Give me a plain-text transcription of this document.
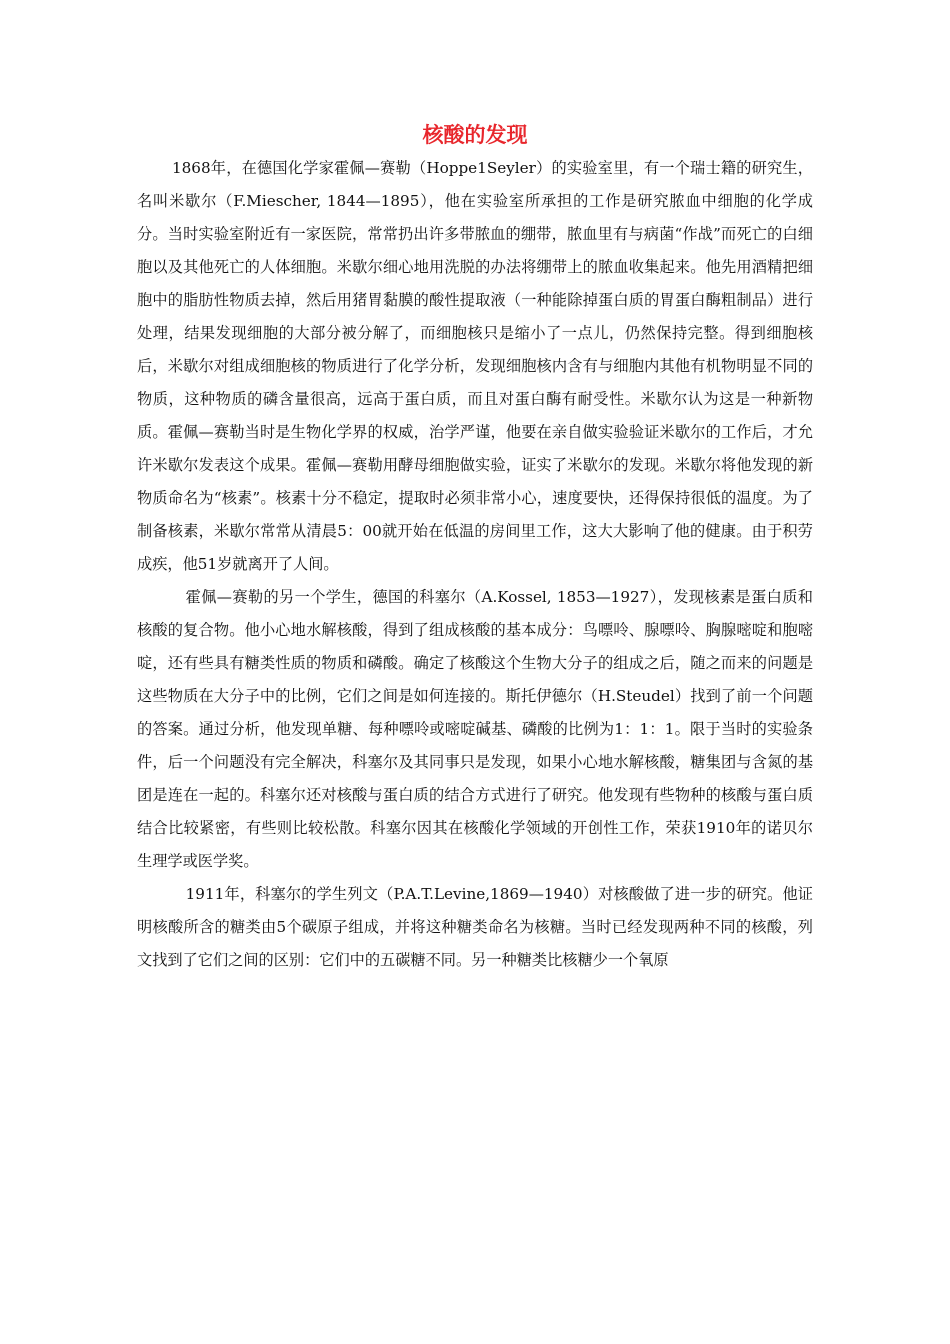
核酸的发现

1868年，在德国化学家霍佩—赛勒（Hoppe1Seyler）的实验室里，有一个瑞士籍的研究生，名叫米歇尔（F.Miescher, 1844—1895），他在实验室所承担的工作是研究脓血中细胞的化学成分。当时实验室附近有一家医院，常常扔出许多带脓血的绷带，脓血里有与病菌“作战”而死亡的白细胞以及其他死亡的人体细胞。米歇尔细心地用洗脱的办法将绷带上的脓血收集起来。他先用酒精把细胞中的脂肪性物质去掉，然后用猪胃黏膜的酸性提取液（一种能除掉蛋白质的胃蛋白酶粗制品）进行处理，结果发现细胞的大部分被分解了，而细胞核只是缩小了一点儿，仍然保持完整。得到细胞核后，米歇尔对组成细胞核的物质进行了化学分析，发现细胞核内含有与细胞内其他有机物明显不同的物质，这种物质的磷含量很高，远高于蛋白质，而且对蛋白酶有耐受性。米歇尔认为这是一种新物质。霍佩—赛勒当时是生物化学界的权威，治学严谨，他要在亲自做实验验证米歇尔的工作后，才允许米歇尔发表这个成果。霍佩—赛勒用酵母细胞做实验，证实了米歇尔的发现。米歇尔将他发现的新物质命名为“核素”。核素十分不稳定，提取时必须非常小心，速度要快，还得保持很低的温度。为了制备核素，米歇尔常常从清晨5：00就开始在低温的房间里工作，这大大影响了他的健康。由于积劳成疾，他51岁就离开了人间。

霍佩—赛勒的另一个学生，德国的科塞尔（A.Kossel, 1853—1927），发现核素是蛋白质和核酸的复合物。他小心地水解核酸，得到了组成核酸的基本成分：鸟嘌呤、腺嘌呤、胸腺嘧啶和胞嘧啶，还有些具有糖类性质的物质和磷酸。确定了核酸这个生物大分子的组成之后，随之而来的问题是这些物质在大分子中的比例，它们之间是如何连接的。斯托伊德尔（H.Steudel）找到了前一个问题的答案。通过分析，他发现单糖、每种嘌呤或嘧啶碱基、磷酸的比例为1：1：1。限于当时的实验条件，后一个问题没有完全解决，科塞尔及其同事只是发现，如果小心地水解核酸，糖集团与含氮的基团是连在一起的。科塞尔还对核酸与蛋白质的结合方式进行了研究。他发现有些物种的核酸与蛋白质结合比较紧密，有些则比较松散。科塞尔因其在核酸化学领域的开创性工作，荣获1910年的诺贝尔生理学或医学奖。

1911年，科塞尔的学生列文（P.A.T.Levine,1869—1940）对核酸做了进一步的研究。他证明核酸所含的糖类由5个碳原子组成，并将这种糖类命名为核糖。当时已经发现两种不同的核酸，列文找到了它们之间的区别：它们中的五碳糖不同。另一种糖类比核糖少一个氧原
